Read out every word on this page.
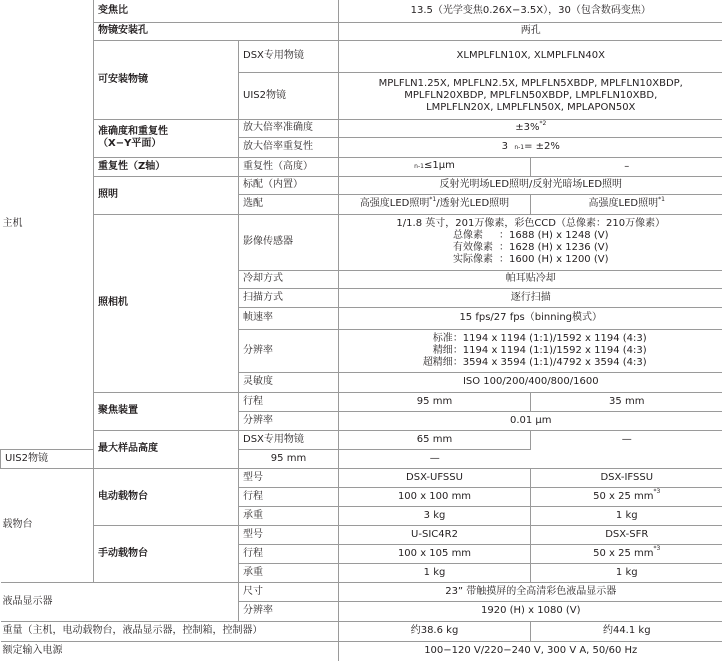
主机	变焦比		13.5（光学变焦0.26X−3.5X），30（包含数码变焦）	
	物镜安装孔		两孔	
	可安装物镜	DSX专用物镜	XLMPLFLN10X, XLMPLFLN40X	
		UIS2物镜	MPLFLN1.25X, MPLFLN2.5X, MPLFLN5XBDP, MPLFLN10XBDP,
MPLFLN20XBDP, MPLFLN50XBDP, LMPLFLN10XBD,
LMPLFLN20X, LMPLFLN50X, MPLAPON50X	

	准确度和重复性
（X−Y平面）	放大倍率准确度	±3%$^{*2}$
		放大倍率重复性	3 n-1= ±2%	
	重复性（Z轴）	重复性（高度）	n-1≤1μm	–
	照明	标配（内置）	反射光明场LED照明/反射光暗场LED照明	
		选配	高强度LED照明$^{*1}$/透射光LED照明	高强度LED照明$^{*1}$
	照相机	影像传感器	1/1.8 英寸，201万像素，彩色CCD（总像素：210万像素）
总像素 ：1688 (H) x 1248 (V)
有效像素 ：1628 (H) x 1236 (V)
实际像素 ：1600 (H) x 1200 (V)	

		冷却方式	帕耳贴冷却	
		扫描方式	逐行扫描	
		帧速率	15 fps/27 fps（binning模式）	
		分辨率	标准：1194 x 1194 (1:1)/1592 x 1194 (4:3)
精细：1194 x 1194 (1:1)/1592 x 1194 (4:3)
超精细：3594 x 3594 (1:1)/4792 x 3594 (4:3)	

		灵敏度	ISO 100/200/400/800/1600	
	聚焦装置	行程	95 mm	35 mm
		分辨率	0.01 μm	
	最大样品高度	DSX专用物镜	65 mm	—
UIS2物镜		95 mm	—	
载物台	电动载物台	型号	DSX-UFSSU	DSX-IFSSU
		行程	100 x 100 mm	50 x 25 $mm^{*3}$
		承重	3 kg	1 kg
	手动载物台	型号	U-SIC4R2	DSX-SFR
		行程	100 x 105 mm	50 x 25 $mm^{*3}$
		承重	1 kg	1 kg
液晶显示器		尺寸	23” 带触摸屏的全高清彩色液晶显示器	
		分辨率	1920 (H) x 1080 (V)	
重量（主机，电动载物台，液晶显示器，控制箱，控制器）			约38.6 kg	约44.1 kg
额定输入电源			100−120 V/220−240 V, 300 V A, 50/60 Hz	
